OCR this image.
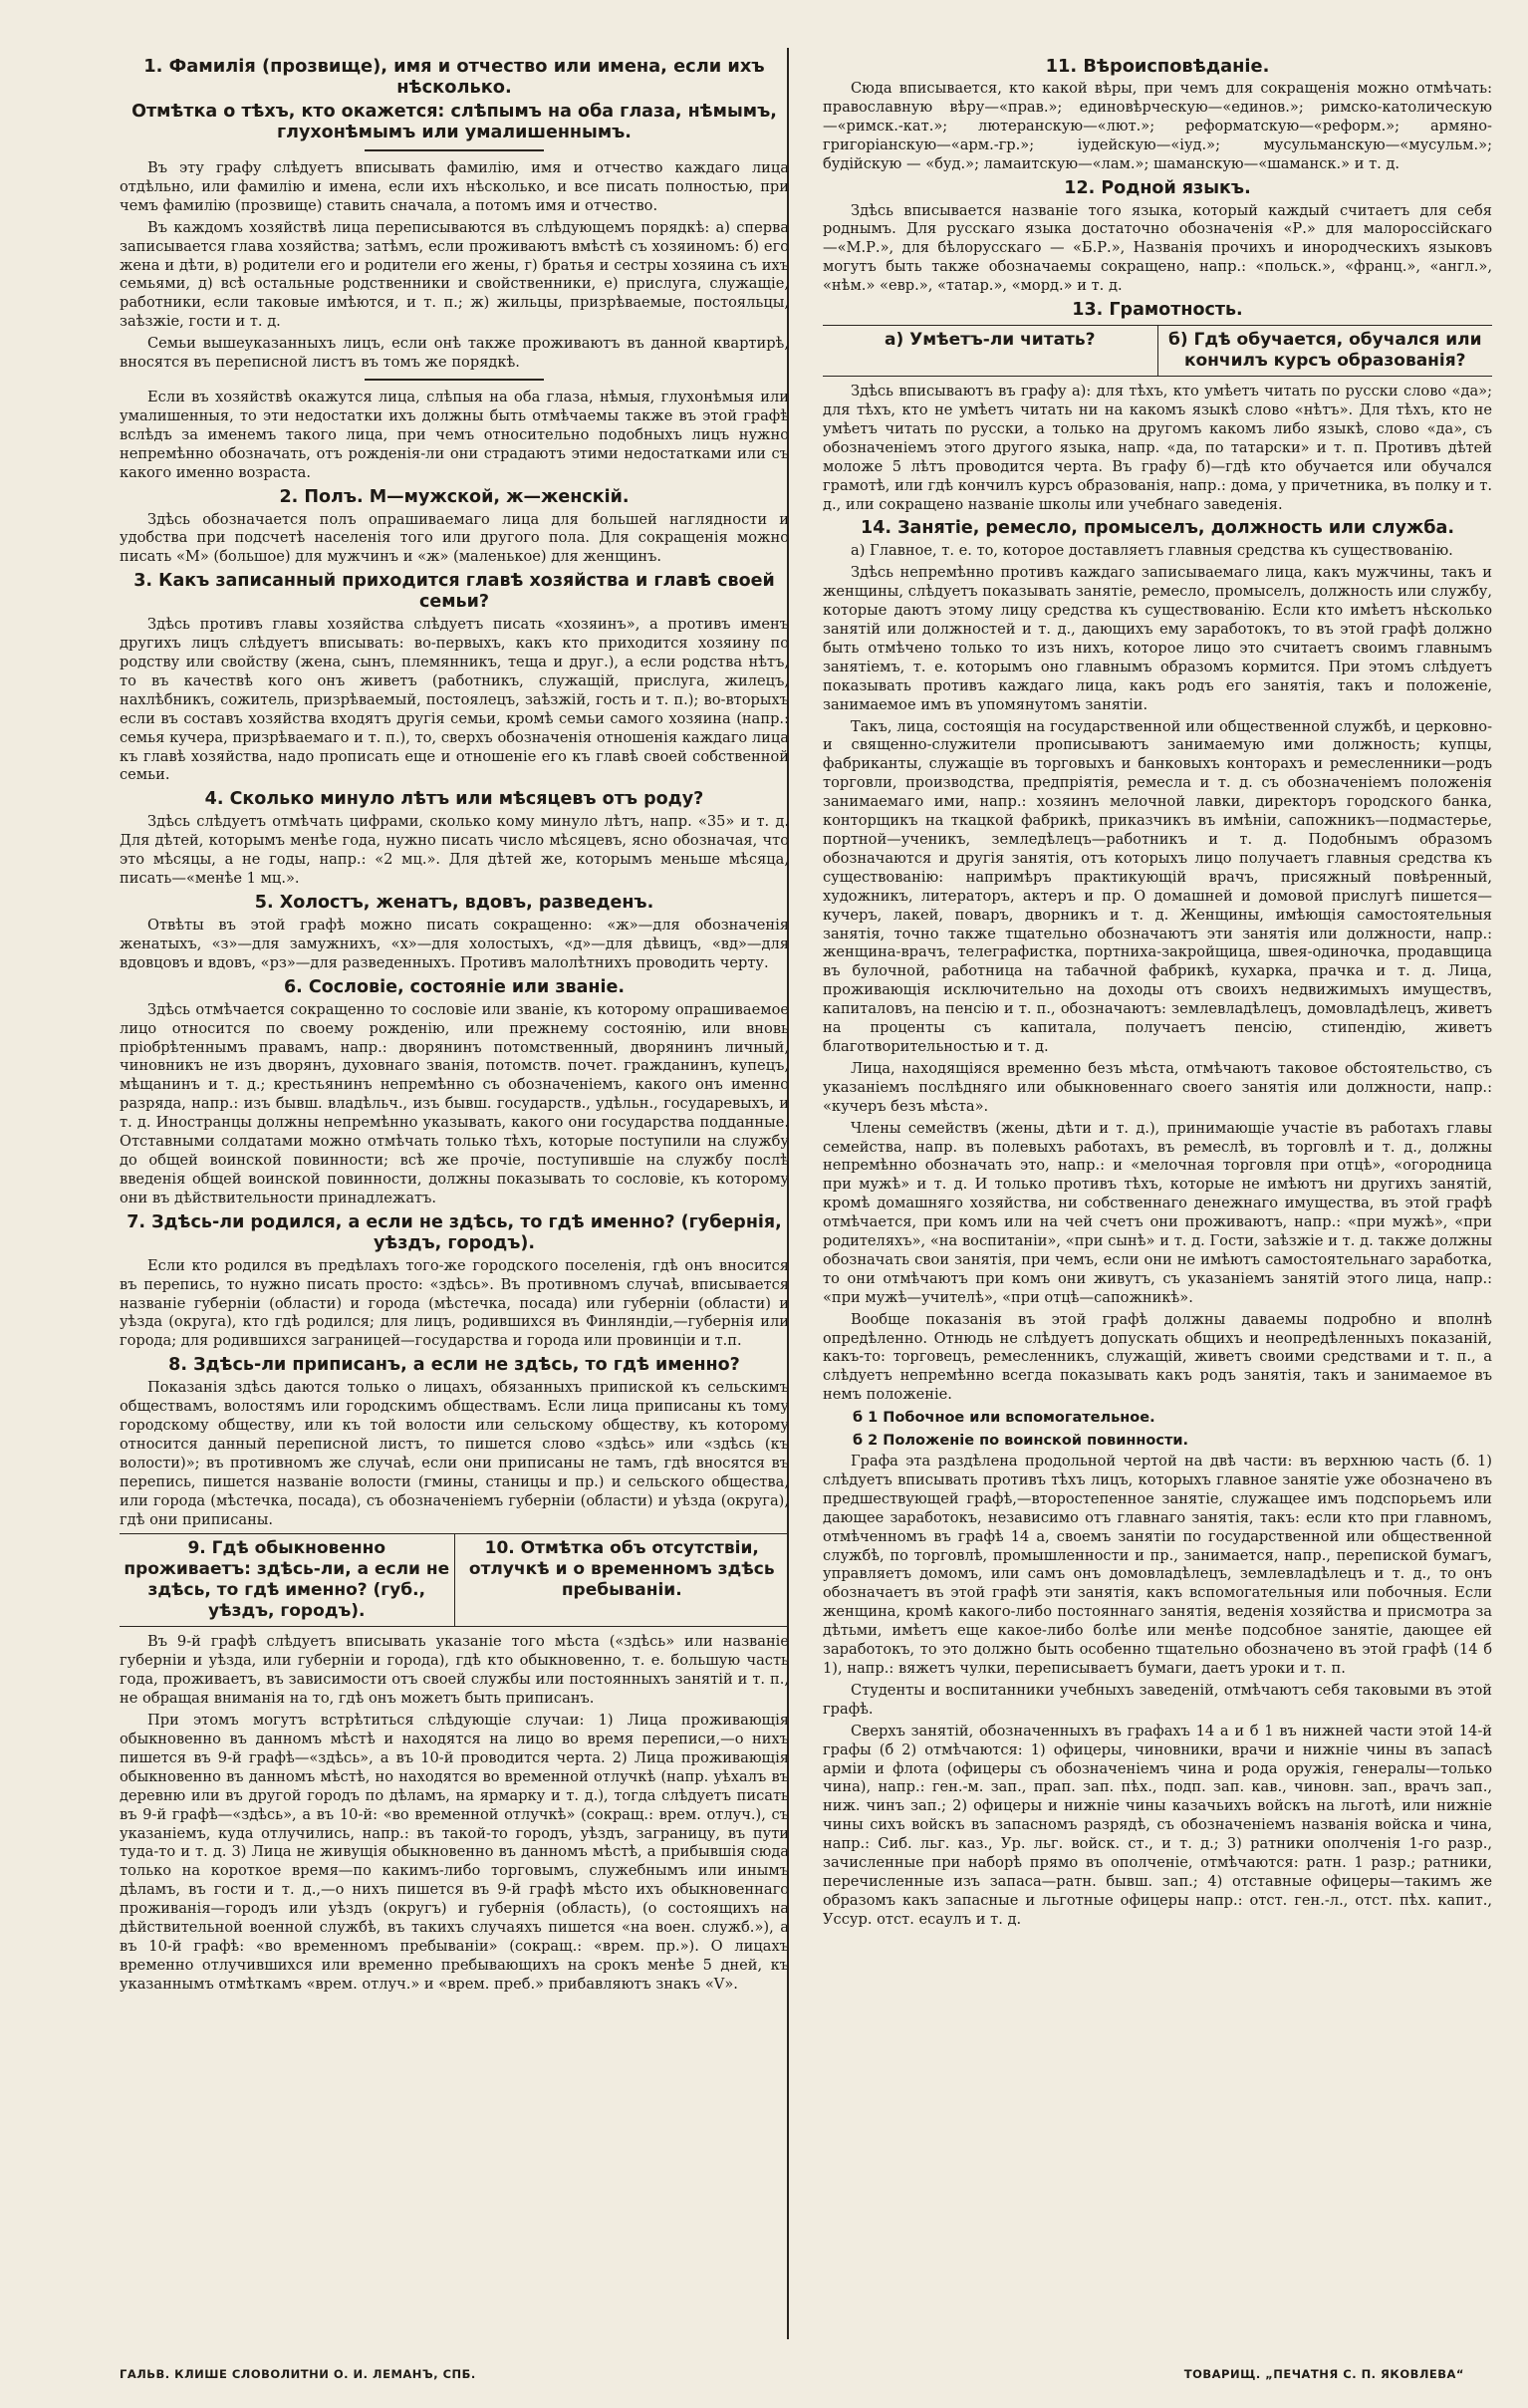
1. Фамилія (прозвище), имя и отчество или имена, если ихъ нѣсколько.
Отмѣтка о тѣхъ, кто окажется: слѣпымъ на оба глаза, нѣмымъ, глухонѣмымъ или умалишеннымъ.

Въ эту графу слѣдуетъ вписывать фамилію, имя и отчество каждаго лица отдѣльно, или фамилію и имена, если ихъ нѣсколько, и все писать полностью, при чемъ фамилію (прозвище) ставить сначала, а потомъ имя и отчество.

Въ каждомъ хозяйствѣ лица переписываются въ слѣдующемъ порядкѣ: а) сперва записывается глава хозяйства; затѣмъ, если проживаютъ вмѣстѣ съ хозяиномъ: б) его жена и дѣти, в) родители его и родители его жены, г) братья и сестры хозяина съ ихъ семьями, д) всѣ остальные родственники и свойственники, е) прислуга, служащіе, работники, если таковые имѣются, и т. п.; ж) жильцы, призрѣваемые, постояльцы, заѣзжіе, гости и т. д.

Семьи вышеуказанныхъ лицъ, если онѣ также проживаютъ въ данной квартирѣ, вносятся въ переписной листъ въ томъ же порядкѣ.

Если въ хозяйствѣ окажутся лица, слѣпыя на оба глаза, нѣмыя, глухонѣмыя или умалишенныя, то эти недостатки ихъ должны быть отмѣчаемы также въ этой графѣ вслѣдъ за именемъ такого лица, при чемъ относительно подобныхъ лицъ нужно непремѣнно обозначать, отъ рожденія-ли они страдаютъ этими недостатками или съ какого именно возраста.

2. Полъ. М—мужской, ж—женскій.

Здѣсь обозначается полъ опрашиваемаго лица для большей наглядности и удобства при подсчетѣ населенія того или другого пола. Для сокращенія можно писать «М» (большое) для мужчинъ и «ж» (маленькое) для женщинъ.

3. Какъ записанный приходится главѣ хозяйства и главѣ своей семьи?

Здѣсь противъ главы хозяйства слѣдуетъ писать «хозяинъ», а противъ именъ другихъ лицъ слѣдуетъ вписывать: во-первыхъ, какъ кто приходится хозяину по родству или свойству (жена, сынъ, племянникъ, теща и друг.), а если родства нѣтъ, то въ качествѣ кого онъ живетъ (работникъ, служащій, прислуга, жилецъ, нахлѣбникъ, сожитель, призрѣваемый, постоялецъ, заѣзжій, гость и т. п.); во-вторыхъ если въ составъ хозяйства входятъ другія семьи, кромѣ семьи самого хозяина (напр.: семья кучера, призрѣваемаго и т. п.), то, сверхъ обозначенія отношенія каждаго лица къ главѣ хозяйства, надо прописать еще и отношеніе его къ главѣ своей собственной семьи.

4. Сколько минуло лѣтъ или мѣсяцевъ отъ роду?

Здѣсь слѣдуетъ отмѣчать цифрами, сколько кому минуло лѣтъ, напр. «35» и т. д. Для дѣтей, которымъ менѣе года, нужно писать число мѣсяцевъ, ясно обозначая, что это мѣсяцы, а не годы, напр.: «2 мц.». Для дѣтей же, которымъ меньше мѣсяца, писать—«менѣе 1 мц.».

5. Холостъ, женатъ, вдовъ, разведенъ.

Отвѣты въ этой графѣ можно писать сокращенно: «ж»—для обозначенія женатыхъ, «з»—для замужнихъ, «х»—для холостыхъ, «д»—для дѣвицъ, «вд»—для вдовцовъ и вдовъ, «рз»—для разведенныхъ. Противъ малолѣтнихъ проводить черту.

6. Сословіе, состояніе или званіе.

Здѣсь отмѣчается сокращенно то сословіе или званіе, къ которому опрашиваемое лицо относится по своему рожденію, или прежнему состоянію, или вновь пріобрѣтеннымъ правамъ, напр.: дворянинъ потомственный, дворянинъ личный, чиновникъ не изъ дворянъ, духовнаго званія, потомств. почет. гражданинъ, купецъ, мѣщанинъ и т. д.; крестьянинъ непремѣнно съ обозначеніемъ, какого онъ именно разряда, напр.: изъ бывш. владѣльч., изъ бывш. государств., удѣльн., государевыхъ, и т. д. Иностранцы должны непремѣнно указывать, какого они государства подданные. Отставными солдатами можно отмѣчать только тѣхъ, которые поступили на службу до общей воинской повинности; всѣ же прочіе, поступившіе на службу послѣ введенія общей воинской повинности, должны показывать то сословіе, къ которому они въ дѣйствительности принадлежатъ.

7. Здѣсь-ли родился, а если не здѣсь, то гдѣ именно? (губернія, уѣздъ, городъ).

Если кто родился въ предѣлахъ того-же городского поселенія, гдѣ онъ вносится въ перепись, то нужно писать просто: «здѣсь». Въ противномъ случаѣ, вписывается названіе губерніи (области) и города (мѣстечка, посада) или губерніи (области) и уѣзда (округа), кто гдѣ родился; для лицъ, родившихся въ Финляндіи,—губернія или города; для родившихся заграницей—государства и города или провинціи и т.п.

8. Здѣсь-ли приписанъ, а если не здѣсь, то гдѣ именно?

Показанія здѣсь даются только о лицахъ, обязанныхъ припиской къ сельскимъ обществамъ, волостямъ или городскимъ обществамъ. Если лица приписаны къ тому городскому обществу, или къ той волости или сельскому обществу, къ которому относится данный переписной листъ, то пишется слово «здѣсь» или «здѣсь (къ волости)»; въ противномъ же случаѣ, если они приписаны не тамъ, гдѣ вносятся въ перепись, пишется названіе волости (гмины, станицы и пр.) и сельского общества, или города (мѣстечка, посада), съ обозначеніемъ губерніи (области) и уѣзда (округа), гдѣ они приписаны.

9. Гдѣ обыкновенно проживаетъ: здѣсь-ли, а если не здѣсь, то гдѣ именно? (губ., уѣздъ, городъ).
10. Отмѣтка объ отсутствіи, отлучкѣ и о временномъ здѣсь пребываніи.

Въ 9-й графѣ слѣдуетъ вписывать указаніе того мѣста («здѣсь» или названіе губерніи и уѣзда, или губерніи и города), гдѣ кто обыкновенно, т. е. большую часть года, проживаетъ, въ зависимости отъ своей службы или постоянныхъ занятій и т. п., не обращая вниманія на то, гдѣ онъ можетъ быть приписанъ.

При этомъ могутъ встрѣтиться слѣдующіе случаи: 1) Лица проживающія обыкновенно въ данномъ мѣстѣ и находятся на лицо во время переписи,—о нихъ пишется въ 9-й графѣ—«здѣсь», а въ 10-й проводится черта. 2) Лица проживающія обыкновенно въ данномъ мѣстѣ, но находятся во временной отлучкѣ (напр. уѣхалъ въ деревню или въ другой городъ по дѣламъ, на ярмарку и т. д.), тогда слѣдуетъ писать въ 9-й графѣ—«здѣсь», а въ 10-й: «во временной отлучкѣ» (сокращ.: врем. отлуч.), съ указаніемъ, куда отлучились, напр.: въ такой-то городъ, уѣздъ, заграницу, въ пути туда-то и т. д. 3) Лица не живущія обыкновенно въ данномъ мѣстѣ, а прибывшія сюда только на короткое время—по какимъ-либо торговымъ, служебнымъ или инымъ дѣламъ, въ гости и т. д.,—о нихъ пишется въ 9-й графѣ мѣсто ихъ обыкновеннаго проживанія—городъ или уѣздъ (округъ) и губернія (область), (о состоящихъ на дѣйствительной военной службѣ, въ такихъ случаяхъ пишется «на воен. служб.»), а въ 10-й графѣ: «во временномъ пребываніи» (сокращ.: «врем. пр.»). О лицахъ временно отлучившихся или временно пребывающихъ на срокъ менѣе 5 дней, къ указаннымъ отмѣткамъ «врем. отлуч.» и «врем. преб.» прибавляютъ знакъ «V».

11. Вѣроисповѣданіе.

Сюда вписывается, кто какой вѣры, при чемъ для сокращенія можно отмѣчать: православную вѣру—«прав.»; единовѣрческую—«единов.»; римско-католическую—«римск.-кат.»; лютеранскую—«лют.»; реформатскую—«реформ.»; армяно-григоріанскую—«арм.-гр.»; іудейскую—«іуд.»; мусульманскую—«мусульм.»; будійскую — «буд.»; ламаитскую—«лам.»; шаманскую—«шаманск.» и т. д.

12. Родной языкъ.

Здѣсь вписывается названіе того языка, который каждый считаетъ для себя роднымъ. Для русскаго языка достаточно обозначенія «Р.» для малороссійскаго—«М.Р.», для бѣлорусскаго — «Б.Р.», Названія прочихъ и инородческихъ языковъ могутъ быть также обозначаемы сокращено, напр.: «польск.», «франц.», «англ.», «нѣм.» «евр.», «татар.», «морд.» и т. д.

13. Грамотность.
а) Умѣетъ-ли читать?	б) Гдѣ обучается, обучался или кончилъ курсъ образованія?

Здѣсь вписываютъ въ графу а): для тѣхъ, кто умѣетъ читать по русски слово «да»; для тѣхъ, кто не умѣетъ читать ни на какомъ языкѣ слово «нѣтъ». Для тѣхъ, кто не умѣетъ читать по русски, а только на другомъ какомъ либо языкѣ, слово «да», съ обозначеніемъ этого другого языка, напр. «да, по татарски» и т. п. Противъ дѣтей моложе 5 лѣтъ проводится черта. Въ графу б)—гдѣ кто обучается или обучался грамотѣ, или гдѣ кончилъ курсъ образованія, напр.: дома, у причетника, въ полку и т. д., или сокращено названіе школы или учебнаго заведенія.

14. Занятіе, ремесло, промыселъ, должность или служба.

а) Главное, т. е. то, которое доставляетъ главныя средства къ существованію.

Здѣсь непремѣнно противъ каждаго записываемаго лица, какъ мужчины, такъ и женщины, слѣдуетъ показывать занятіе, ремесло, промыселъ, должность или службу, которые даютъ этому лицу средства къ существованію. Если кто имѣетъ нѣсколько занятій или должностей и т. д., дающихъ ему заработокъ, то въ этой графѣ должно быть отмѣчено только то изъ нихъ, которое лицо это считаетъ своимъ главнымъ занятіемъ, т. е. которымъ оно главнымъ образомъ кормится. При этомъ слѣдуетъ показывать противъ каждаго лица, какъ родъ его занятія, такъ и положеніе, занимаемое имъ въ упомянутомъ занятіи.

Такъ, лица, состоящія на государственной или общественной службѣ, и церковно-и священно-служители прописываютъ занимаемую ими должность; купцы, фабриканты, служащіе въ торговыхъ и банковыхъ конторахъ и ремесленники—родъ торговли, производства, предпріятія, ремесла и т. д. съ обозначеніемъ положенія занимаемаго ими, напр.: хозяинъ мелочной лавки, директоръ городского банка, конторщикъ на ткацкой фабрикѣ, приказчикъ въ имѣніи, сапожникъ—подмастерье, портной—ученикъ, земледѣлецъ—работникъ и т. д. Подобнымъ образомъ обозначаются и другія занятія, отъ которыхъ лицо получаетъ главныя средства къ существованію: напримѣръ практикующій врачъ, присяжный повѣренный, художникъ, литераторъ, актеръ и пр. О домашней и домовой прислугѣ пишется—кучеръ, лакей, поваръ, дворникъ и т. д. Женщины, имѣющія самостоятельныя занятія, точно также тщательно обозначаютъ эти занятія или должности, напр.: женщина-врачъ, телеграфистка, портниха-закройщица, швея-одиночка, продавщица въ булочной, работница на табачной фабрикѣ, кухарка, прачка и т. д. Лица, проживающія исключительно на доходы отъ своихъ недвижимыхъ имуществъ, капиталовъ, на пенсію и т. п., обозначаютъ: землевладѣлецъ, домовладѣлецъ, живетъ на проценты съ капитала, получаетъ пенсію, стипендію, живетъ благотворительностью и т. д.

Лица, находящіяся временно безъ мѣста, отмѣчаютъ таковое обстоятельство, съ указаніемъ послѣдняго или обыкновеннаго своего занятія или должности, напр.: «кучеръ безъ мѣста».

Члены семействъ (жены, дѣти и т. д.), принимающіе участіе въ работахъ главы семейства, напр. въ полевыхъ работахъ, въ ремеслѣ, въ торговлѣ и т. д., должны непремѣнно обозначать это, напр.: и «мелочная торговля при отцѣ», «огородница при мужѣ» и т. д. И только противъ тѣхъ, которые не имѣютъ ни другихъ занятій, кромѣ домашняго хозяйства, ни собственнаго денежнаго имущества, въ этой графѣ отмѣчается, при комъ или на чей счетъ они проживаютъ, напр.: «при мужѣ», «при родителяхъ», «на воспитаніи», «при сынѣ» и т. д. Гости, заѣзжіе и т. д. также должны обозначать свои занятія, при чемъ, если они не имѣютъ самостоятельнаго заработка, то они отмѣчаютъ при комъ они живутъ, съ указаніемъ занятій этого лица, напр.: «при мужѣ—учителѣ», «при отцѣ—сапожникѣ».

Вообще показанія въ этой графѣ должны даваемы подробно и вполнѣ опредѣленно. Отнюдь не слѣдуетъ допускать общихъ и неопредѣленныхъ показаній, какъ-то: торговецъ, ремесленникъ, служащій, живетъ своими средствами и т. п., а слѣдуетъ непремѣнно всегда показывать какъ родъ занятія, такъ и занимаемое въ немъ положеніе.

б 1 Побочное или вспомогательное.
б 2 Положеніе по воинской повинности.

Графа эта раздѣлена продольной чертой на двѣ части: въ верхнюю часть (б. 1) слѣдуетъ вписывать противъ тѣхъ лицъ, которыхъ главное занятіе уже обозначено въ предшествующей графѣ,—второстепенное занятіе, служащее имъ подспорьемъ или дающее заработокъ, независимо отъ главнаго занятія, такъ: если кто при главномъ, отмѣченномъ въ графѣ 14 а, своемъ занятіи по государственной или общественной службѣ, по торговлѣ, промышленности и пр., занимается, напр., перепиской бумагъ, управляетъ домомъ, или самъ онъ домовладѣлецъ, землевладѣлецъ и т. д., то онъ обозначаетъ въ этой графѣ эти занятія, какъ вспомогательныя или побочныя. Если женщина, кромѣ какого-либо постояннаго занятія, веденія хозяйства и присмотра за дѣтьми, имѣетъ еще какое-либо болѣе или менѣе подсобное занятіе, дающее ей заработокъ, то это должно быть особенно тщательно обозначено въ этой графѣ (14 б 1), напр.: вяжетъ чулки, переписываетъ бумаги, даетъ уроки и т. п.

Студенты и воспитанники учебныхъ заведеній, отмѣчаютъ себя таковыми въ этой графѣ.

Сверхъ занятій, обозначенныхъ въ графахъ 14 а и б 1 въ нижней части этой 14-й графы (б 2) отмѣчаются: 1) офицеры, чиновники, врачи и нижніе чины въ запасѣ арміи и флота (офицеры съ обозначеніемъ чина и рода оружія, генералы—только чина), напр.: ген.-м. зап., прап. зап. пѣх., подп. зап. кав., чиновн. зап., врачъ зап., ниж. чинъ зап.; 2) офицеры и нижніе чины казачьихъ войскъ на льготѣ, или нижніе чины сихъ войскъ въ запасномъ разрядѣ, съ обозначеніемъ названія войска и чина, напр.: Сиб. льг. каз., Ур. льг. войск. ст., и т. д.; 3) ратники ополченія 1-го разр., зачисленные при наборѣ прямо въ ополченіе, отмѣчаются: ратн. 1 разр.; ратники, перечисленные изъ запаса—ратн. бывш. зап.; 4) отставные офицеры—такимъ же образомъ какъ запасные и льготные офицеры напр.: отст. ген.-л., отст. пѣх. капит., Уссур. отст. есаулъ и т. д.

ГАЛЬВ. КЛИШЕ СЛОВОЛИТНИ О. И. ЛЕМАНЪ, СПБ.	ТОВАРИЩ. „ПЕЧАТНЯ С. П. ЯКОВЛЕВА“
